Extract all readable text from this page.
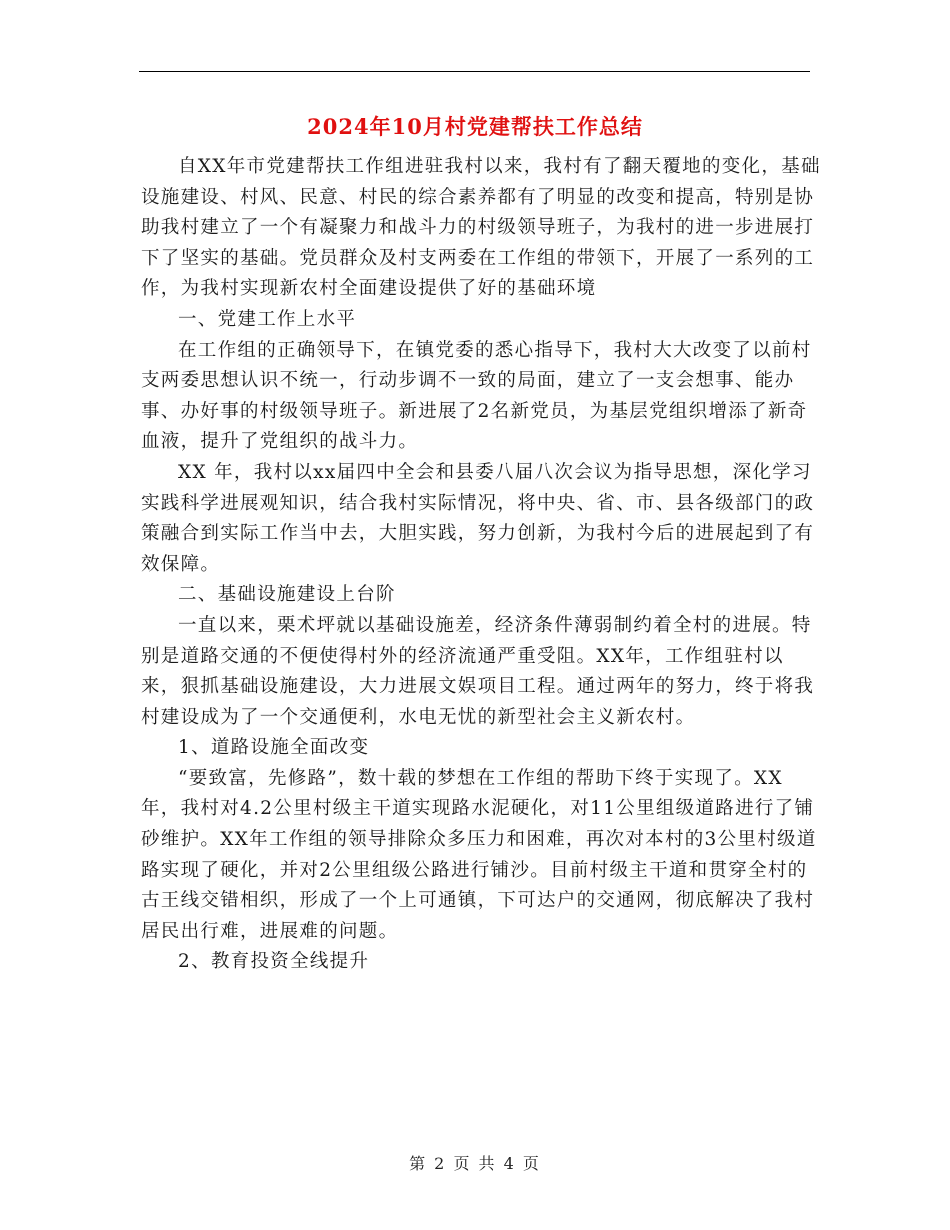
2024年10月村党建帮扶工作总结

自XX年市党建帮扶工作组进驻我村以来，我村有了翻天覆地的变化，基础设施建设、村风、民意、村民的综合素养都有了明显的改变和提高，特别是协助我村建立了一个有凝聚力和战斗力的村级领导班子，为我村的进一步进展打下了坚实的基础。党员群众及村支两委在工作组的带领下，开展了一系列的工作，为我村实现新农村全面建设提供了好的基础环境

一、党建工作上水平

在工作组的正确领导下，在镇党委的悉心指导下，我村大大改变了以前村支两委思想认识不统一，行动步调不一致的局面，建立了一支会想事、能办事、办好事的村级领导班子。新进展了2名新党员，为基层党组织增添了新奇血液，提升了党组织的战斗力。

XX 年，我村以xx届四中全会和县委八届八次会议为指导思想，深化学习实践科学进展观知识，结合我村实际情况，将中央、省、市、县各级部门的政策融合到实际工作当中去，大胆实践，努力创新，为我村今后的进展起到了有效保障。

二、基础设施建设上台阶

一直以来，栗术坪就以基础设施差，经济条件薄弱制约着全村的进展。特别是道路交通的不便使得村外的经济流通严重受阻。XX年，工作组驻村以来，狠抓基础设施建设，大力进展文娱项目工程。通过两年的努力，终于将我村建设成为了一个交通便利，水电无忧的新型社会主义新农村。

1、道路设施全面改变

“要致富，先修路”，数十载的梦想在工作组的帮助下终于实现了。XX年，我村对4.2公里村级主干道实现路水泥硬化，对11公里组级道路进行了铺砂维护。XX年工作组的领导排除众多压力和困难，再次对本村的3公里村级道路实现了硬化，并对2公里组级公路进行铺沙。目前村级主干道和贯穿全村的古王线交错相织，形成了一个上可通镇，下可达户的交通网，彻底解决了我村居民出行难，进展难的问题。

2、教育投资全线提升

第 2 页 共 4 页
